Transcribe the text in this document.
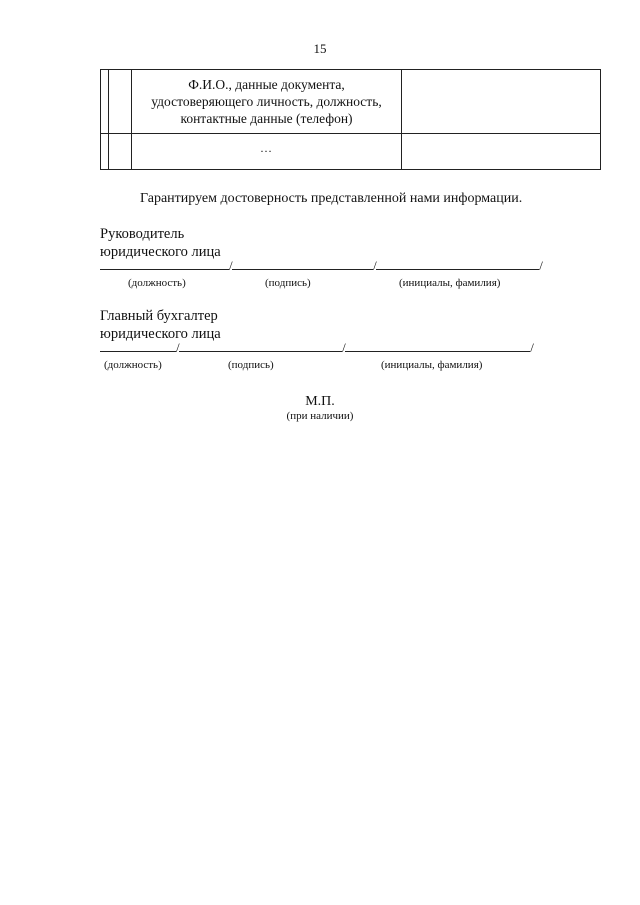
15

		Ф.И.О., данные документа,
удостоверяющего личность, должность,
контактные данные (телефон)	

		…	
Гарантируем достоверность представленной нами информации.
Руководитель
юридического лица
/	/	/
(должность)	(подпись)	(инициалы, фамилия)
Главный бухгалтер
юридического лица
/	/	/
(должность)	(подпись)	(инициалы, фамилия)
М.П.
(при наличии)
